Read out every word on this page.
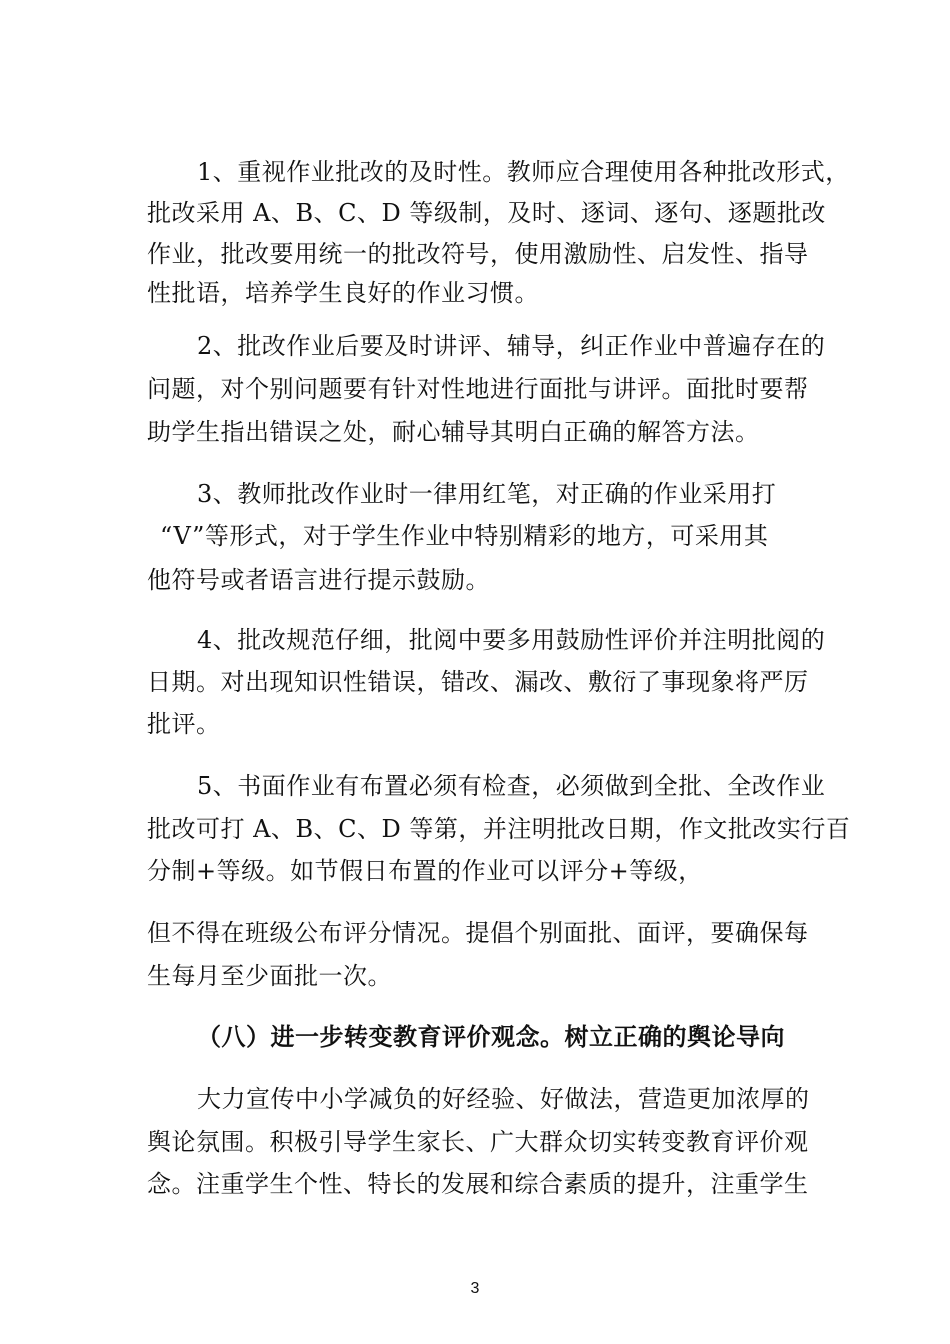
1、重视作业批改的及时性。教师应合理使用各种批改形式，
批改采用 A、B、C、D 等级制，及时、逐词、逐句、逐题批改
作业，批改要用统一的批改符号，使用激励性、启发性、指导
性批语，培养学生良好的作业习惯。
2、批改作业后要及时讲评、辅导，纠正作业中普遍存在的
问题，对个别问题要有针对性地进行面批与讲评。面批时要帮
助学生指出错误之处，耐心辅导其明白正确的解答方法。
3、教师批改作业时一律用红笔，对正确的作业采用打
“V”等形式，对于学生作业中特别精彩的地方，可采用其
他符号或者语言进行提示鼓励。
4、批改规范仔细，批阅中要多用鼓励性评价并注明批阅的
日期。对出现知识性错误，错改、漏改、敷衍了事现象将严厉
批评。
5、书面作业有布置必须有检查，必须做到全批、全改作业
批改可打 A、B、C、D 等第，并注明批改日期，作文批改实行百
分制+等级。如节假日布置的作业可以评分+等级，
但不得在班级公布评分情况。提倡个别面批、面评，要确保每
生每月至少面批一次。
（八）进一步转变教育评价观念。树立正确的舆论导向
大力宣传中小学减负的好经验、好做法，营造更加浓厚的
舆论氛围。积极引导学生家长、广大群众切实转变教育评价观
念。注重学生个性、特长的发展和综合素质的提升，注重学生
3
